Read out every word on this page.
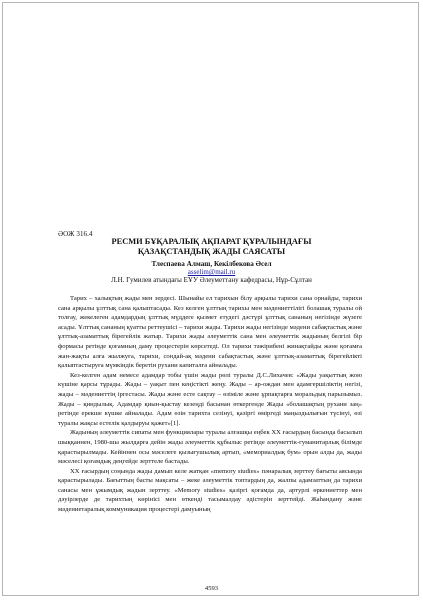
ӘОЖ 316.4
РЕСМИ БҰҚАРАЛЫҚ АҚПАРАТ ҚҰРАЛЫНДАҒЫ
ҚАЗАҚСТАНДЫҚ ЖАДЫ САЯСАТЫ
Тлеспаева Алмаш, Кекілбекова Әсел
asselim@mail.ru
Л.Н. Гумилев атындағы ЕҰУ Әлеуметтану кафедрасы, Нұр-Сұлтан

Тарих – халықтың жады мен зердесі. Шынайы ел тарихын білу арқылы тарихи сана орнайды, тарихи сана арқылы ұлттық сана қалыптасады. Кез келген ұлттың тарихы мен мәдениеттілігі болашақ туралы ой толғау, жекелеген адамдардың ұлттық мүддеге қызмет етудегі дәстүрі ұлттық сананың негізінде жүзеге асады. Ұлттық сананың қуатты реттеушісі – тарихи жады. Тарихи жады негізінде мәдени сабақтастық және ұлттық-азаматтық бірегейлік жатыр. Тарихи жады әлеуметтік сана мен әлеуметтік жадының белгілі бір формасы ретінде қоғамның даму процестерін көрсетеді. Ол тарихи тәжірибені жинақтайды және қоғамға жан-жақты алға жылжуға, тарихи, сондай-ақ мәдени сабақтастық және ұлттық-азаматтық бірегейлікті қалыптастыруға мүмкіндік беретін рухани капиталға айналады.

Кез-келген адам немесе адамдар тобы үшін жады рөлі туралы Д.С.Лихачев: «Жады уақыттың жою күшіне қарсы тұрады. Жады – уақыт пен кеңістікті жеңу. Жады – ар-ождан мен адамгершіліктің негізі, жады – мәдениеттің іргестасы. Жады және есте сақтау – өзіміле және ұрпақтарға моральдық парызымыз. Жады – қиндылық. Адамдар қиын-қыстау кезеңді басынан өткергенде Жады «болашақтың рухани заң» ретінде ерекше күшке айналады. Адам өзін тарихта сезінуі, қазіргі өміргеді маңыздылығын түсінуі, өзі туралы жақсы естелік қалдыруы қажет»[1].

Жадының әлеуметтік сипаты мен функциялары туралы алғашқы еңбек ХХ ғасырдың басында басылып шыққаннен, 1980-шы жылдарға дейін жады әлеуметтік құбылыс ретінде әлеуметтік-гуманитарлық білімде қарастырылмады. Кейіннен осы мәселеге қызығушылық артып, «мемориалдық бум» орын алды да, жады мәселесі қоғамдық деңгейде зерттеле бастады.

ХХ ғасырдың соңында жады дамып келе жатқан «memory studies» пәнаралық зерттеу бағыты аясында қарастырылады. Бағыттың басты мақсаты – жеке әлеуметтік топтардың да, жалпы адамзаттың да тарихи санасы мен ұжымдық жадын зерттеу. «Memory studies» қазіргі қоғамда да, артурлі өркениеттер мен дәуірлерде де тарихтың көрінісі мен өткенді тасымалдау әдістерін зерттейді. Жаһандану және мәдениетаралық коммуникация процестері дамуының

4593
